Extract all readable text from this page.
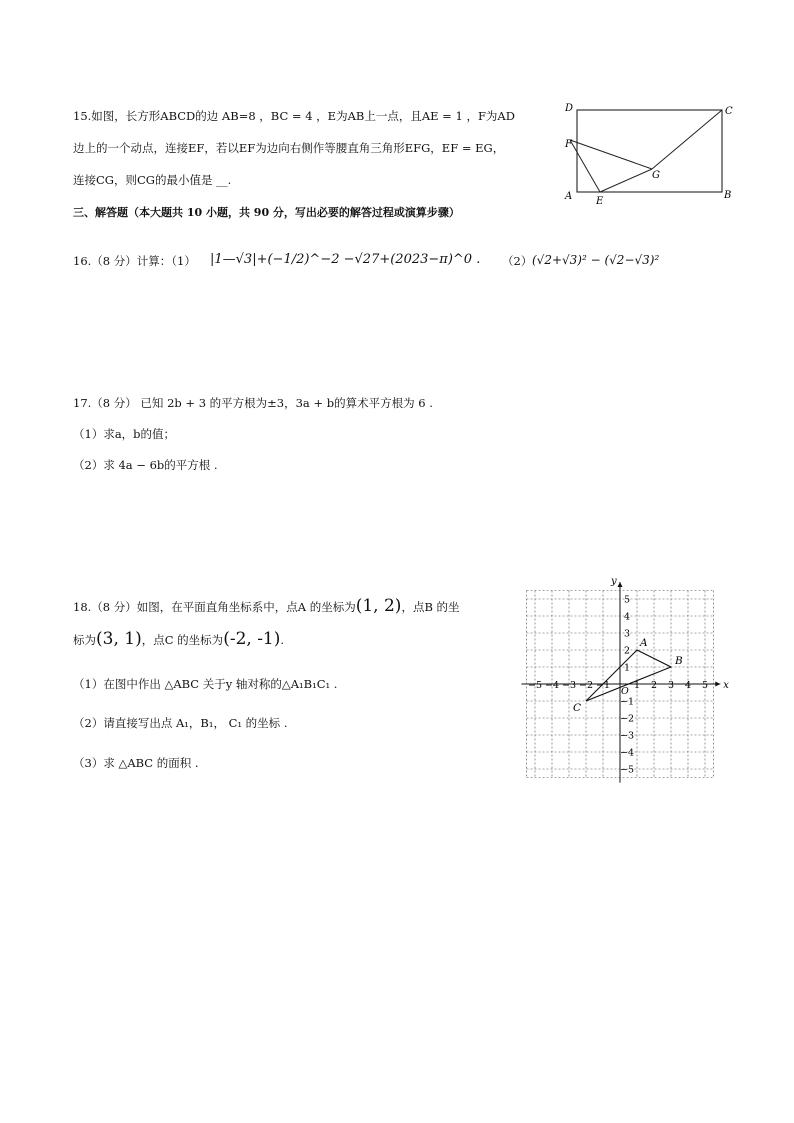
15.如图，长方形ABCD的边 AB=8 ，BC = 4 ，E为AB上一点，且AE = 1 ，F为AD
边上的一个动点，连接EF，若以EF为边向右侧作等腰直角三角形EFG，EF = EG，
连接CG，则CG的最小值是 __.
D	C
F
G
A E
B
三、解答题（本大题共 10 小题，共 90 分，写出必要的解答过程或演算步骤）
16.（8 分）计算：（1） |1—√3|+(−1/2)^−2 −√27+(2023−π)^0 . （2） (√2+√3)² − (√2−√3)²
17.（8 分） 已知 2b + 3 的平方根为±3，3a + b的算术平方根为 6 .
（1）求a，b的值；
（2）求 4a − 6b的平方根 .
18.（8 分）如图，在平面直角坐标系中，点A 的坐标为(1, 2)，点B 的坐
标为(3, 1)，点C 的坐标为(-2, -1).
（1）在图中作出 △ABC 关于y 轴对称的△A₁B₁C₁ .
（2）请直接写出点 A₁，B₁， C₁ 的坐标 .
（3）求 △ABC 的面积 .
x
y
O
−5 −4 −3 −2 −1	1 2 3 4 5
5
4
3
2
1
−1
−2
−3
−4
−5
A
B
C
